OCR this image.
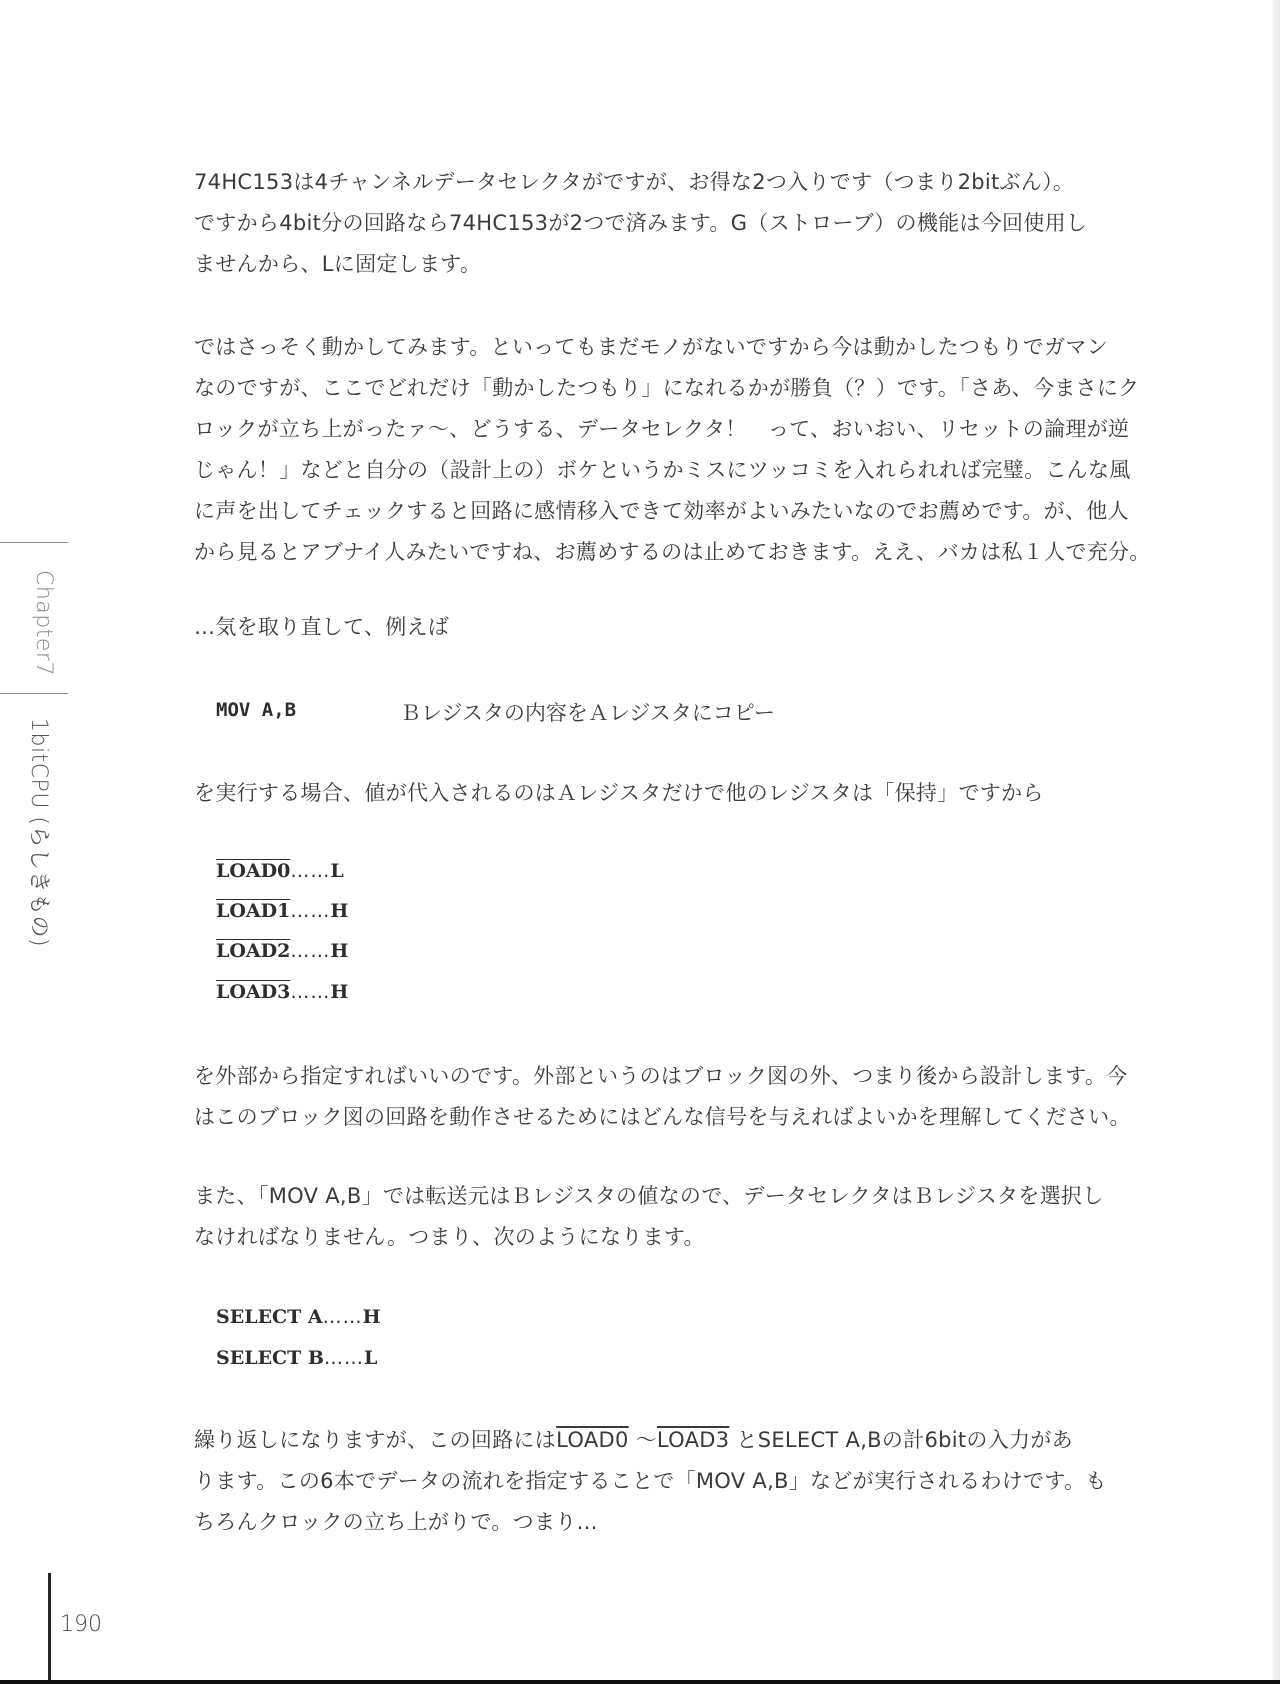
74HC153は4チャンネルデータセレクタがですが、お得な2つ入りです（つまり2bitぶん）。
ですから4bit分の回路なら74HC153が2つで済みます。G（ストローブ）の機能は今回使用し
ませんから、Lに固定します。
ではさっそく動かしてみます。といってもまだモノがないですから今は動かしたつもりでガマン
なのですが、ここでどれだけ「動かしたつもり」になれるかが勝負（？）です。「さあ、今まさにク
ロックが立ち上がったァ〜、どうする、データセレクタ！　って、おいおい、リセットの論理が逆
じゃん！」などと自分の（設計上の）ボケというかミスにツッコミを入れられれば完璧。こんな風
に声を出してチェックすると回路に感情移入できて効率がよいみたいなのでお薦めです。が、他人
から見るとアブナイ人みたいですね、お薦めするのは止めておきます。ええ、バカは私１人で充分。
…気を取り直して、例えば
MOV A,B	Ｂレジスタの内容をＡレジスタにコピー
を実行する場合、値が代入されるのはＡレジスタだけで他のレジスタは「保持」ですから
LOAD0……L
LOAD1……H
LOAD2……H
LOAD3……H
を外部から指定すればいいのです。外部というのはブロック図の外、つまり後から設計します。今
はこのブロック図の回路を動作させるためにはどんな信号を与えればよいかを理解してください。
また、「MOV A,B」では転送元はＢレジスタの値なので、データセレクタはＢレジスタを選択し
なければなりません。つまり、次のようになります。
SELECT A……H
SELECT B……L
繰り返しになりますが、この回路にはLOAD0 ～LOAD3 とSELECT A,Bの計6bitの入力があ
ります。この6本でデータの流れを指定することで「MOV A,B」などが実行されるわけです。も
ちろんクロックの立ち上がりで。つまり…
Chapter7
1bitCPU (らしきもの)
190
